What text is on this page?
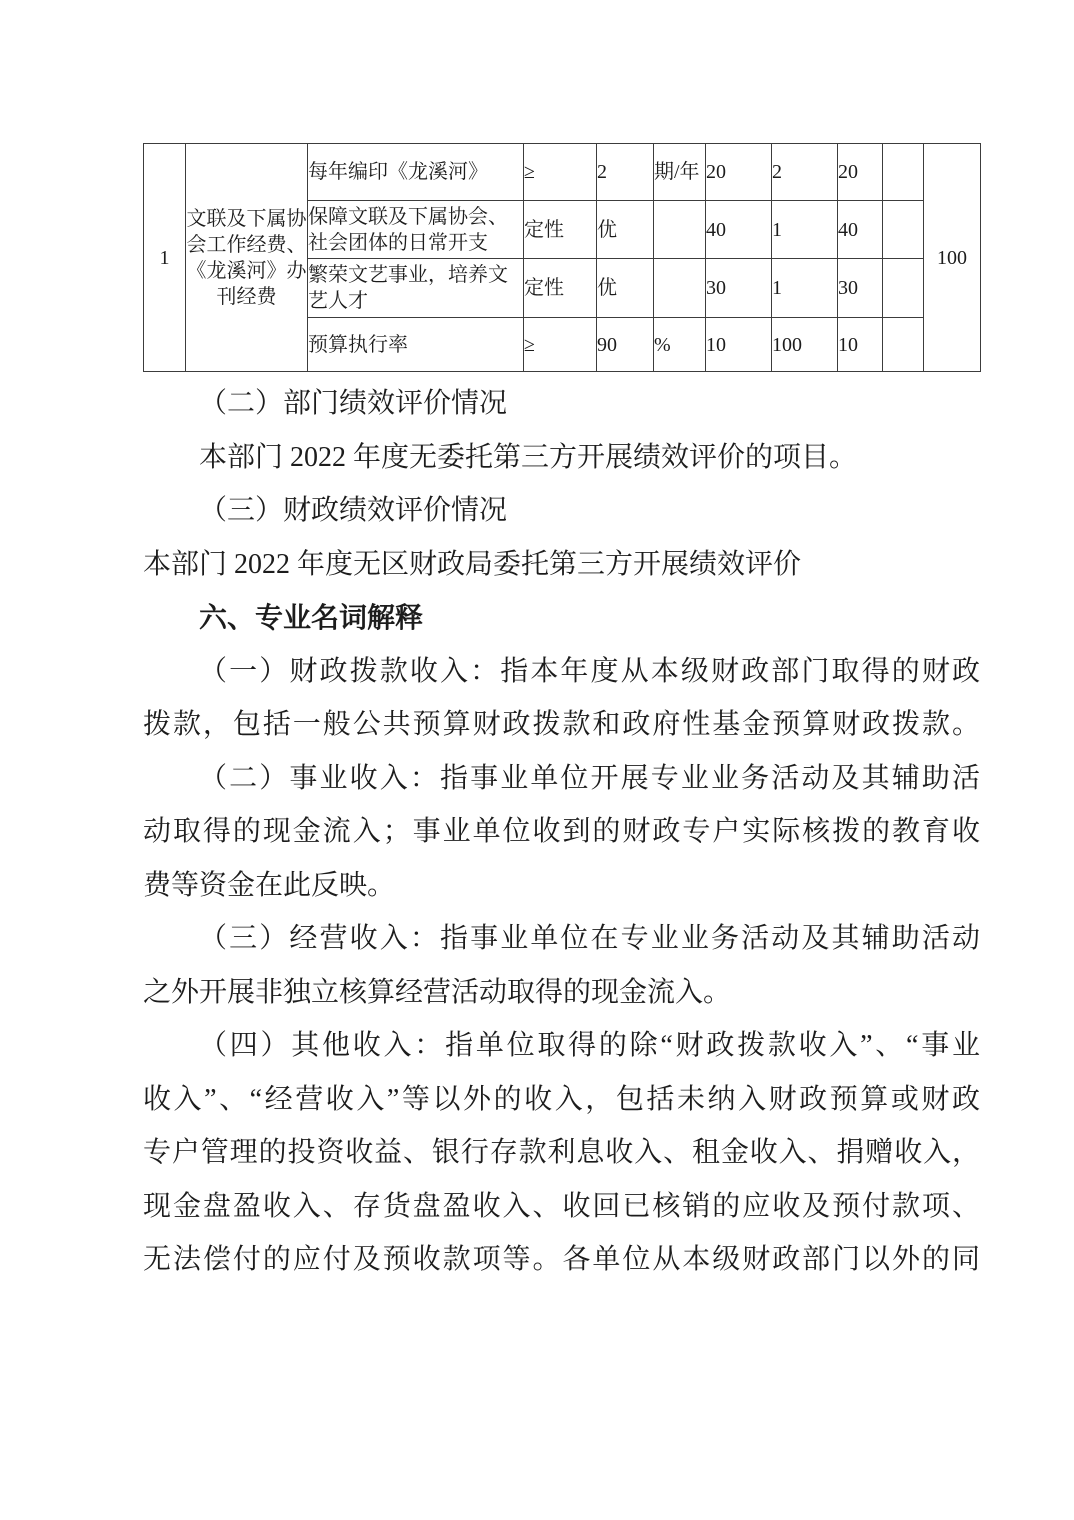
1	文联及下属协会工作经费、《龙溪河》办刊经费	每年编印《龙溪河》	≥	2	期/年	20	2	20		100
		保障文联及下属协会、社会团体的日常开支	定性	优		40	1	40		
		繁荣文艺事业，培养文艺人才	定性	优		30	1	30		
		预算执行率	≥	90	%	10	100	10		
（二）部门绩效评价情况
本部门 2022 年度无委托第三方开展绩效评价的项目。
（三）财政绩效评价情况
本部门 2022 年度无区财政局委托第三方开展绩效评价
六、专业名词解释
（一）财政拨款收入：指本年度从本级财政部门取得的财政
拨款，包括一般公共预算财政拨款和政府性基金预算财政拨款。
（二）事业收入：指事业单位开展专业业务活动及其辅助活
动取得的现金流入；事业单位收到的财政专户实际核拨的教育收
费等资金在此反映。
（三）经营收入：指事业单位在专业业务活动及其辅助活动
之外开展非独立核算经营活动取得的现金流入。
（四）其他收入：指单位取得的除“财政拨款收入”、“事业
收入”、“经营收入”等以外的收入，包括未纳入财政预算或财政
专户管理的投资收益、银行存款利息收入、租金收入、捐赠收入，
现金盘盈收入、存货盘盈收入、收回已核销的应收及预付款项、
无法偿付的应付及预收款项等。各单位从本级财政部门以外的同
